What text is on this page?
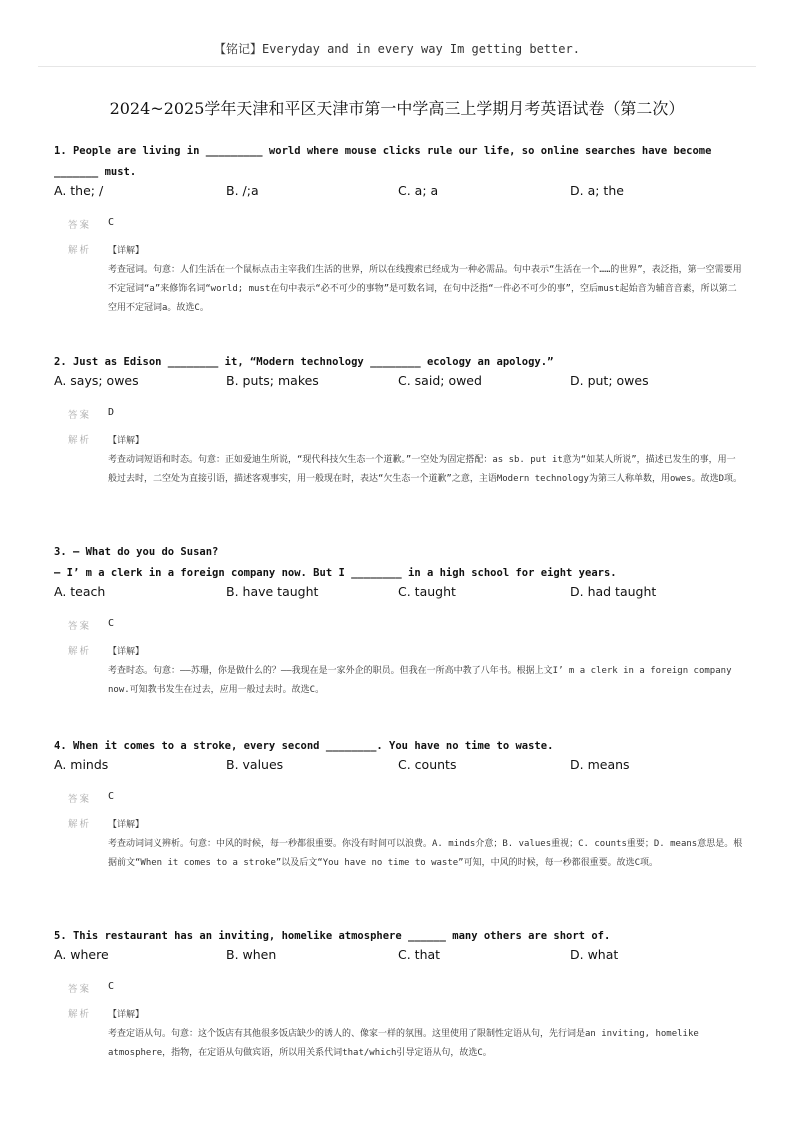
【铭记】Everyday and in every way Im getting better.
2024~2025学年天津和平区天津市第一中学高三上学期月考英语试卷（第二次）
1. People are living in _________ world where mouse clicks rule our life, so online searches have become _______ must.
A. the; /	B. /;a	C. a; a	D. a; the
答案 C
解析 【详解】
考查冠词。句意：人们生活在一个鼠标点击主宰我们生活的世界，所以在线搜索已经成为一种必需品。句中表示“生活在一个……的世界”，表泛指，第一空需要用不定冠词“a”来修饰名词“world; must在句中表示“必不可少的事物”是可数名词，在句中泛指“一件必不可少的事”，空后must起始音为辅音音素，所以第二空用不定冠词a。故选C。
2. Just as Edison ________ it, “Modern technology ________ ecology an apology.”
A. says; owes	B. puts; makes	C. said; owed	D. put; owes
答案 D
解析 【详解】
考查动词短语和时态。句意：正如爱迪生所说，“现代科技欠生态一个道歉。”一空处为固定搭配：as sb. put it意为“如某人所说”，描述已发生的事，用一般过去时，二空处为直接引语，描述客观事实，用一般现在时，表达“欠生态一个道歉”之意，主语Modern technology为第三人称单数，用owes。故选D项。
3. — What do you do Susan?
— I’ m a clerk in a foreign company now. But I ________ in a high school for eight years.
A. teach	B. have taught	C. taught	D. had taught
答案 C
解析 【详解】
考查时态。句意：——苏珊，你是做什么的？——我现在是一家外企的职员。但我在一所高中教了八年书。根据上文I’ m a clerk in a foreign company now.可知教书发生在过去，应用一般过去时。故选C。
4. When it comes to a stroke, every second ________. You have no time to waste.
A. minds	B. values	C. counts	D. means
答案 C
解析 【详解】
考查动词词义辨析。句意：中风的时候，每一秒都很重要。你没有时间可以浪费。A. minds介意；B. values重视；C. counts重要；D. means意思是。根据前文“When it comes to a stroke”以及后文“You have no time to waste”可知，中风的时候，每一秒都很重要。故选C项。
5. This restaurant has an inviting, homelike atmosphere ______ many others are short of.
A. where	B. when	C. that	D. what
答案 C
解析 【详解】
考查定语从句。句意：这个饭店有其他很多饭店缺少的诱人的、像家一样的氛围。这里使用了限制性定语从句，先行词是an inviting, homelike atmosphere，指物，在定语从句做宾语，所以用关系代词that/which引导定语从句，故选C。
